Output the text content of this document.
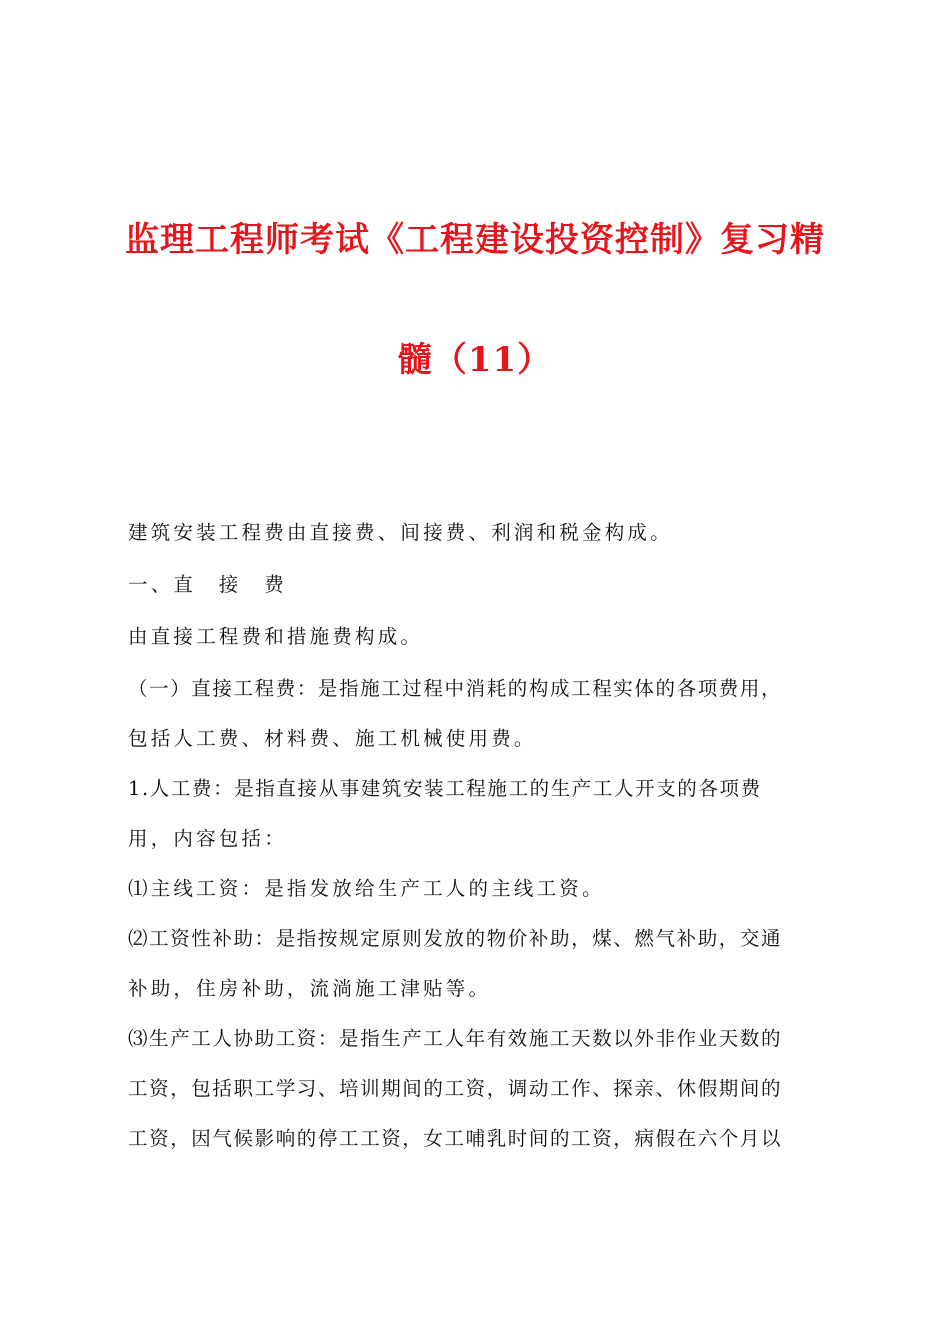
监理工程师考试《工程建设投资控制》复习精
髓（11）
建筑安装工程费由直接费、间接费、利润和税金构成。
一、直　接　费
由直接工程费和措施费构成。
（一）直接工程费：是指施工过程中消耗的构成工程实体的各项费用，
包括人工费、材料费、施工机械使用费。
1.人工费：是指直接从事建筑安装工程施工的生产工人开支的各项费
用，内容包括：
⑴主线工资：是指发放给生产工人的主线工资。
⑵工资性补助：是指按规定原则发放的物价补助，煤、燃气补助，交通
补助，住房补助，流淌施工津贴等。
⑶生产工人协助工资：是指生产工人年有效施工天数以外非作业天数的
工资，包括职工学习、培训期间的工资，调动工作、探亲、休假期间的
工资，因气候影响的停工工资，女工哺乳时间的工资，病假在六个月以
